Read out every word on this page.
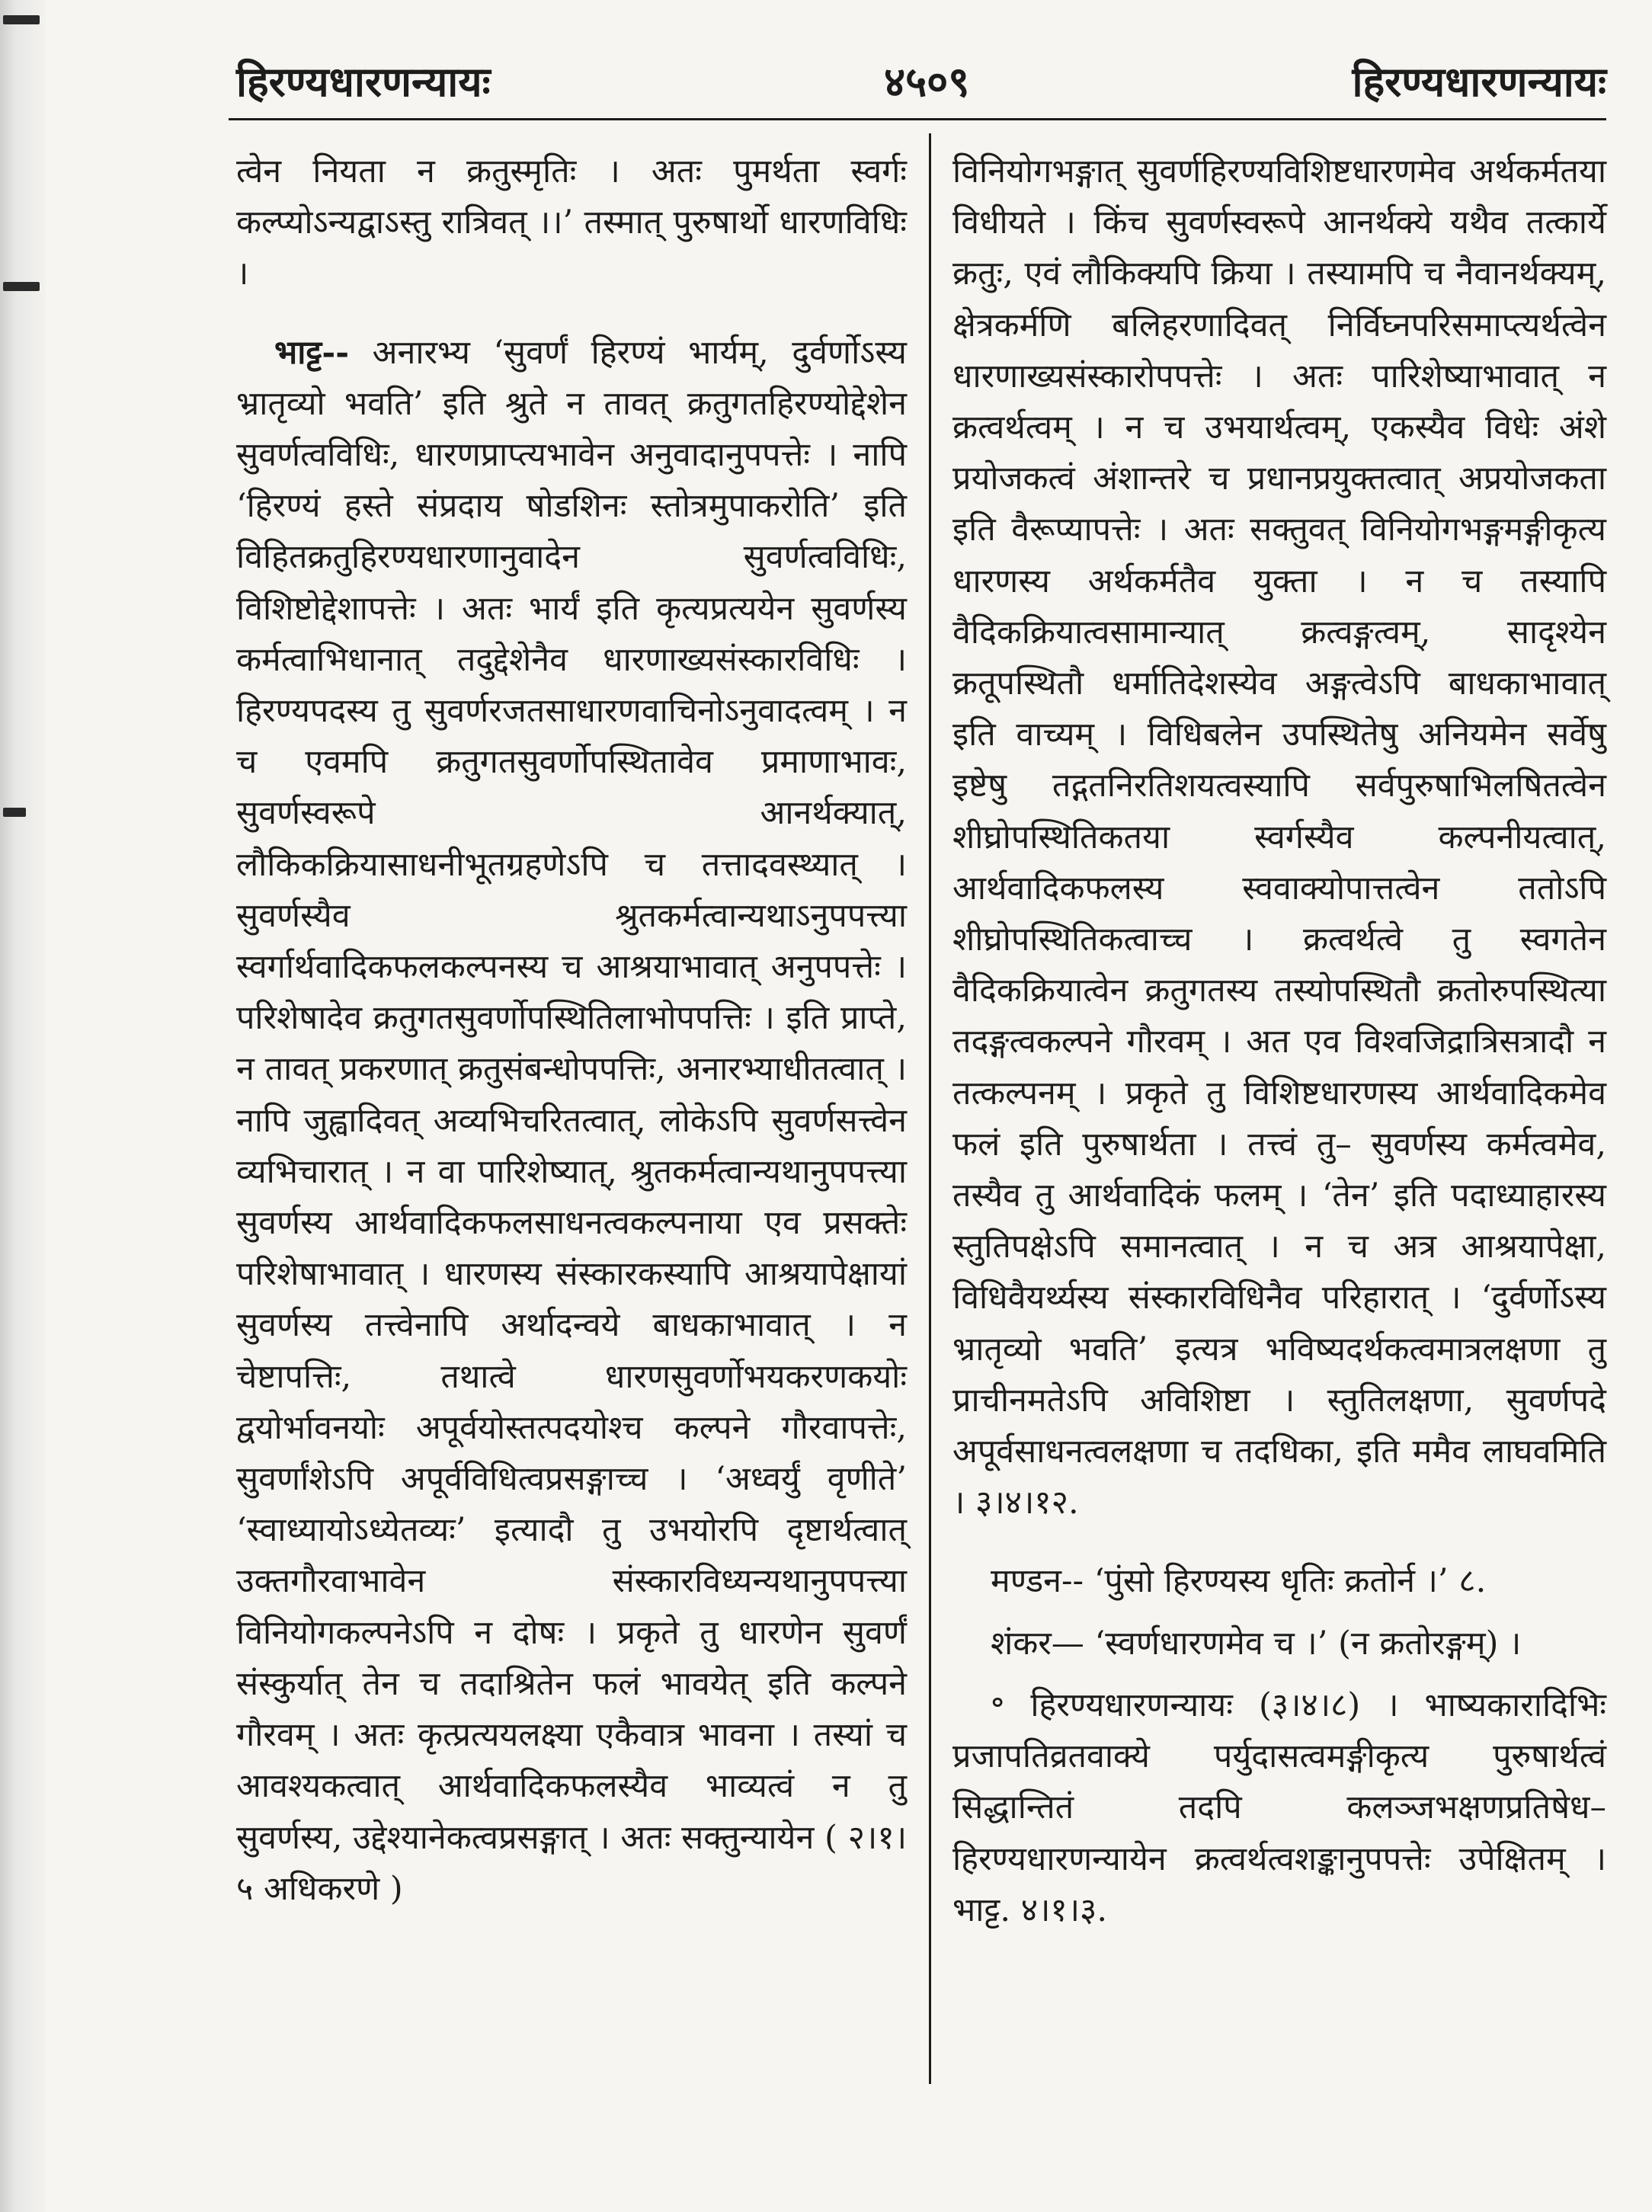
हिरण्यधारणन्यायः	४५०९	हिरण्यधारणन्यायः

त्वेन नियता न क्रतुस्मृतिः । अतः पुमर्थता स्वर्गः कल्प्योऽन्यद्वाऽस्तु रात्रिवत् ।।’ तस्मात् पुरुषार्थो धारणविधिः ।

भाट्ट-- अनारभ्य ‘सुवर्णं हिरण्यं भार्यम्, दुर्वर्णोऽस्य भ्रातृव्यो भवति’ इति श्रुते न तावत् क्रतुगतहिरण्योद्देशेन सुवर्णत्वविधिः, धारणप्राप्त्यभावेन अनुवादानुपपत्तेः । नापि ‘हिरण्यं हस्ते संप्रदाय षोडशिनः स्तोत्रमुपाकरोति’ इति विहितक्रतुहिरण्यधारणानुवादेन सुवर्णत्वविधिः, विशिष्टोद्देशापत्तेः । अतः भार्यं इति कृत्यप्रत्ययेन सुवर्णस्य कर्मत्वाभिधानात् तदुद्देशेनैव धारणाख्यसंस्कारविधिः । हिरण्यपदस्य तु सुवर्णरजतसाधारणवाचिनोऽनुवादत्वम् । न च एवमपि क्रतुगतसुवर्णोपस्थितावेव प्रमाणाभावः, सुवर्णस्वरूपे आनर्थक्यात्, लौकिकक्रियासाधनीभूतग्रहणेऽपि च तत्तादवस्थ्यात् । सुवर्णस्यैव श्रुतकर्मत्वान्यथाऽनुपपत्त्या स्वर्गार्थवादिकफलकल्पनस्य च आश्रयाभावात् अनुपपत्तेः । परिशेषादेव क्रतुगतसुवर्णोपस्थितिलाभोपपत्तिः । इति प्राप्ते, न तावत् प्रकरणात् क्रतुसंबन्धोपपत्तिः, अनारभ्याधीतत्वात् । नापि जुह्वादिवत् अव्यभिचरितत्वात्, लोकेऽपि सुवर्णसत्त्वेन व्यभिचारात् । न वा पारिशेष्यात्, श्रुतकर्मत्वान्यथानुपपत्त्या सुवर्णस्य आर्थवादिकफलसाधनत्वकल्पनाया एव प्रसक्तेः परिशेषाभावात् । धारणस्य संस्कारकस्यापि आश्रयापेक्षायां सुवर्णस्य तत्त्वेनापि अर्थादन्वये बाधकाभावात् । न चेष्टापत्तिः, तथात्वे धारणसुवर्णोभयकरणकयोः द्वयोर्भावनयोः अपूर्वयोस्तत्पदयोश्च कल्पने गौरवापत्तेः, सुवर्णांशेऽपि अपूर्वविधित्वप्रसङ्गाच्च । ‘अध्वर्युं वृणीते’ ‘स्वाध्यायोऽध्येतव्यः’ इत्यादौ तु उभयोरपि दृष्टार्थत्वात् उक्तगौरवाभावेन संस्कारविध्यन्यथानुपपत्त्या विनियोगकल्पनेऽपि न दोषः । प्रकृते तु धारणेन सुवर्णं संस्कुर्यात् तेन च तदाश्रितेन फलं भावयेत् इति कल्पने गौरवम् । अतः कृत्प्रत्ययलक्ष्या एकैवात्र भावना । तस्यां च आवश्यकत्वात् आर्थवादिकफलस्यैव भाव्यत्वं न तु सुवर्णस्य, उद्देश्यानेकत्वप्रसङ्गात् । अतः सक्तुन्यायेन ( २।१।५ अधिकरणे )

विनियोगभङ्गात् सुवर्णहिरण्यविशिष्टधारणमेव अर्थकर्मतया विधीयते । किंच सुवर्णस्वरूपे आनर्थक्ये यथैव तत्कार्ये क्रतुः, एवं लौकिक्यपि क्रिया । तस्यामपि च नैवानर्थक्यम्, क्षेत्रकर्मणि बलिहरणादिवत् निर्विघ्नपरिसमाप्त्यर्थत्वेन धारणाख्यसंस्कारोपपत्तेः । अतः पारिशेष्याभावात् न क्रत्वर्थत्वम् । न च उभयार्थत्वम्, एकस्यैव विधेः अंशे प्रयोजकत्वं अंशान्तरे च प्रधानप्रयुक्तत्वात् अप्रयोजकता इति वैरूप्यापत्तेः । अतः सक्तुवत् विनियोगभङ्गमङ्गीकृत्य धारणस्य अर्थकर्मतैव युक्ता । न च तस्यापि वैदिकक्रियात्वसामान्यात् क्रत्वङ्गत्वम्, सादृश्येन क्रतूपस्थितौ धर्मातिदेशस्येव अङ्गत्वेऽपि बाधकाभावात् इति वाच्यम् । विधिबलेन उपस्थितेषु अनियमेन सर्वेषु इष्टेषु तद्गतनिरतिशयत्वस्यापि सर्वपुरुषाभिलषितत्वेन शीघ्रोपस्थितिकतया स्वर्गस्यैव कल्पनीयत्वात्, आर्थवादिकफलस्य स्ववाक्योपात्तत्वेन ततोऽपि शीघ्रोपस्थितिकत्वाच्च । क्रत्वर्थत्वे तु स्वगतेन वैदिकक्रियात्वेन क्रतुगतस्य तस्योपस्थितौ क्रतोरुपस्थित्या तदङ्गत्वकल्पने गौरवम् । अत एव विश्वजिद्रात्रिसत्रादौ न तत्कल्पनम् । प्रकृते तु विशिष्टधारणस्य आर्थवादिकमेव फलं इति पुरुषार्थता । तत्त्वं तु– सुवर्णस्य कर्मत्वमेव, तस्यैव तु आर्थवादिकं फलम् । ‘तेन’ इति पदाध्याहारस्य स्तुतिपक्षेऽपि समानत्वात् । न च अत्र आश्रयापेक्षा, विधिवैयर्थ्यस्य संस्कारविधिनैव परिहारात् । ‘दुर्वर्णोऽस्य भ्रातृव्यो भवति’ इत्यत्र भविष्यदर्थकत्वमात्रलक्षणा तु प्राचीनमतेऽपि अविशिष्टा । स्तुतिलक्षणा, सुवर्णपदे अपूर्वसाधनत्वलक्षणा च तदधिका, इति ममैव लाघवमिति । ३।४।१२.

मण्डन-- ‘पुंसो हिरण्यस्य धृतिः क्रतोर्न ।’ ८.

शंकर— ‘स्वर्णधारणमेव च ।’ (न क्रतोरङ्गम्) ।

॰ हिरण्यधारणन्यायः (३।४।८) । भाष्यकारादिभिः प्रजापतिव्रतवाक्ये पर्युदासत्वमङ्गीकृत्य पुरुषार्थत्वं सिद्धान्तितं तदपि कलञ्जभक्षणप्रतिषेध–हिरण्यधारणन्यायेन क्रत्वर्थत्वशङ्कानुपपत्तेः उपेक्षितम् । भाट्ट. ४।१।३.
